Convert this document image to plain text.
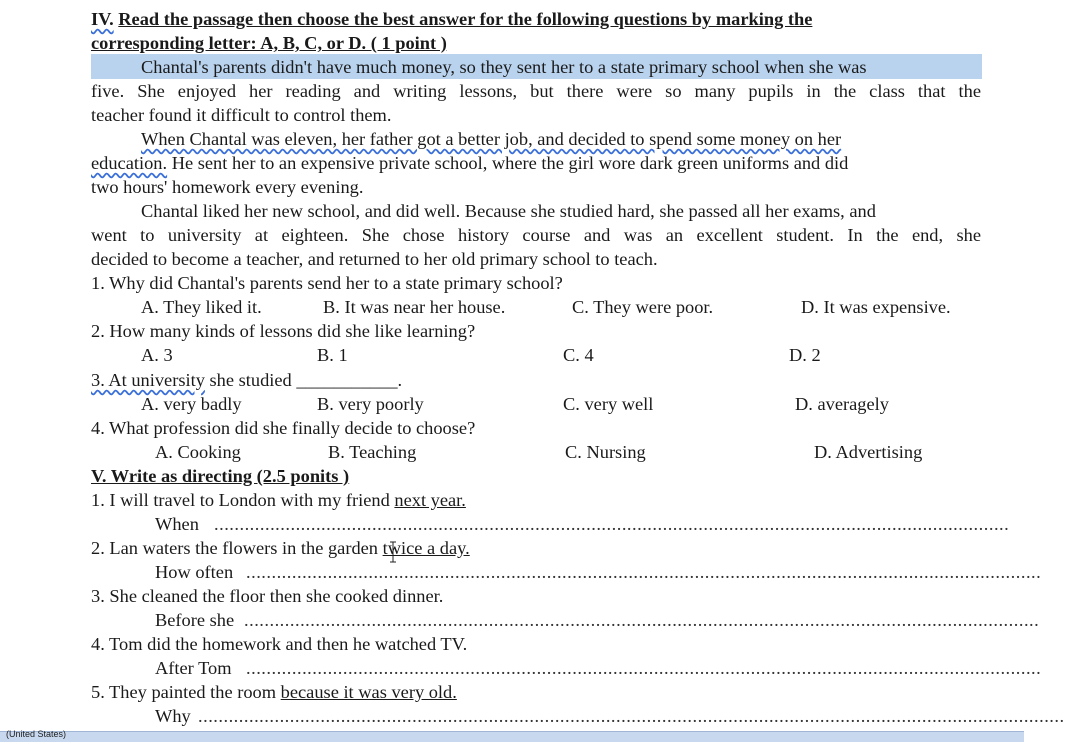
IV. Read the passage then choose the best answer for the following questions by marking the
corresponding letter: A, B, C, or D. ( 1 point )
Chantal's parents didn't have much money, so they sent her to a state primary school when she was
five. She enjoyed her reading and writing lessons, but there were so many pupils in the class that the
teacher found it difficult to control them.
When Chantal was eleven, her father got a better job, and decided to spend some money on her
education. He sent her to an expensive private school, where the girl wore dark green uniforms and did
two hours' homework every evening.
Chantal liked her new school, and did well. Because she studied hard, she passed all her exams, and
went to university at eighteen. She chose history course and was an excellent student. In the end, she
decided to become a teacher, and returned to her old primary school to teach.
1. Why did Chantal's parents send her to a state primary school?
A. They liked it.	B. It was near her house.	C. They were poor.	D. It was expensive.
2. How many kinds of lessons did she like learning?
A. 3	B. 1	C. 4	D. 2
3. At university she studied ___________.
A. very badly	B. very poorly	C. very well	D. averagely
4. What profession did she finally decide to choose?
A. Cooking	B. Teaching	C. Nursing	D. Advertising
V. Write as directing (2.5 ponits )
1. I will travel to London with my friend next year.
When ............................................................................................................................................................
2. Lan waters the flowers in the garden twice a day.
How often ............................................................................................................................................................
3. She cleaned the floor then she cooked dinner.
Before she ............................................................................................................................................................
4. Tom did the homework and then he watched TV.
After Tom ............................................................................................................................................................
5. They painted the room because it was very old.
Why ..........................................................................................................................................................................
(United States)
